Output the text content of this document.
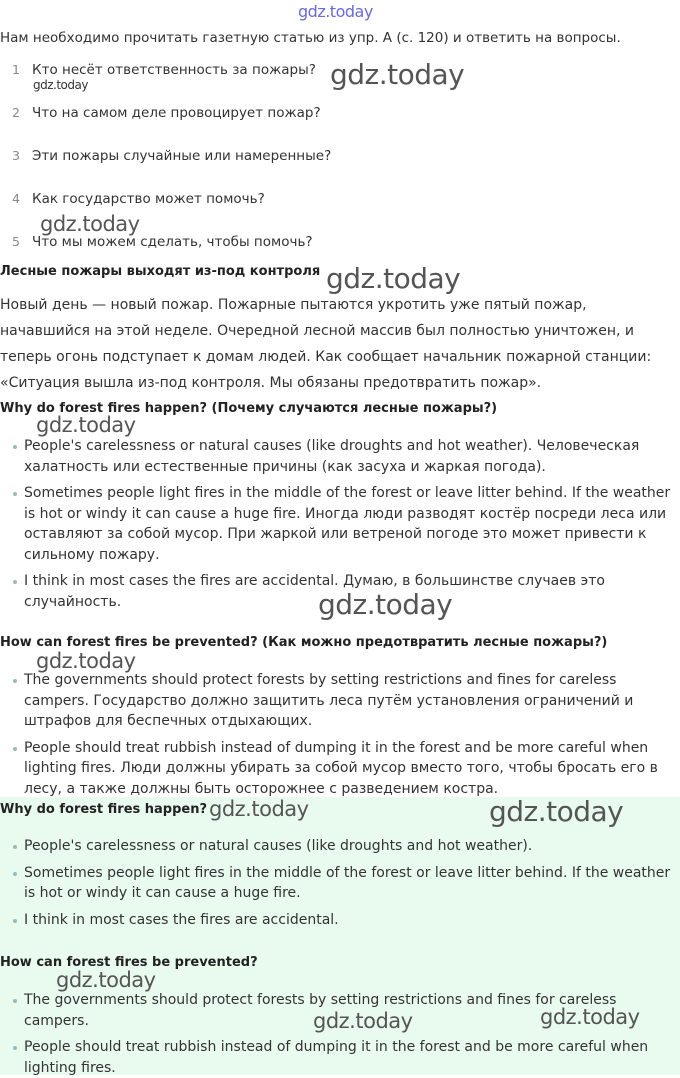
gdz.today
gdz.today
gdz.today
gdz.today
gdz.today
gdz.today
gdz.today
gdz.today
gdz.today	gdz.today
gdz.today
gdz.today	gdz.today
Нам необходимо прочитать газетную статью из упр. A (с. 120) и ответить на вопросы.
1 Кто несёт ответственность за пожары?
2 Что на самом деле провоцирует пожар?
3 Эти пожары случайные или намеренные?
4 Как государство может помочь?
5 Что мы можем сделать, чтобы помочь?
Лесные пожары выходят из-под контроля
Новый день — новый пожар. Пожарные пытаются укротить уже пятый пожар,
начавшийся на этой неделе. Очередной лесной массив был полностью уничтожен, и
теперь огонь подступает к домам людей. Как сообщает начальник пожарной станции:
«Ситуация вышла из-под контроля. Мы обязаны предотвратить пожар».
Why do forest fires happen? (Почему случаются лесные пожары?)
People's carelessness or natural causes (like droughts and hot weather). Человеческая халатность или естественные причины (как засуха и жаркая погода).
Sometimes people light fires in the middle of the forest or leave litter behind. If the weather is hot or windy it can cause a huge fire. Иногда люди разводят костёр посреди леса или оставляют за собой мусор. При жаркой или ветреной погоде это может привести к сильному пожару.
I think in most cases the fires are accidental. Думаю, в большинстве случаев это случайность.
How can forest fires be prevented? (Как можно предотвратить лесные пожары?)
The governments should protect forests by setting restrictions and fines for careless campers. Государство должно защитить леса путём установления ограничений и штрафов для беспечных отдыхающих.
People should treat rubbish instead of dumping it in the forest and be more careful when lighting fires. Люди должны убирать за собой мусор вместо того, чтобы бросать его в лесу, а также должны быть осторожнее с разведением костра.
Why do forest fires happen?
People's carelessness or natural causes (like droughts and hot weather).
Sometimes people light fires in the middle of the forest or leave litter behind. If the weather is hot or windy it can cause a huge fire.
I think in most cases the fires are accidental.
How can forest fires be prevented?
The governments should protect forests by setting restrictions and fines for careless campers.
People should treat rubbish instead of dumping it in the forest and be more careful when lighting fires.
